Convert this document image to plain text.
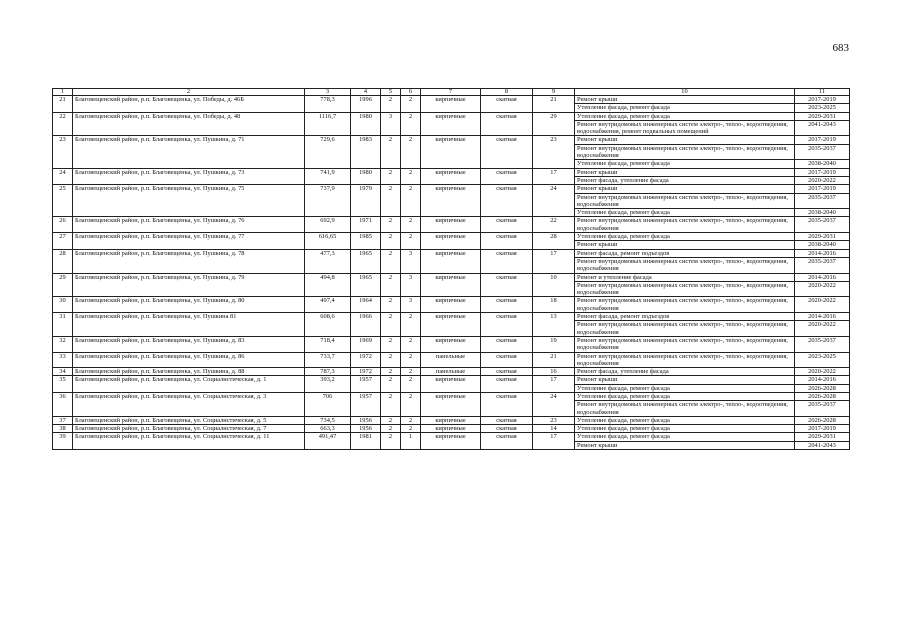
683
1	2	3	4	5	6	7	8	9	10	11
21	Благовещенский район, р.п. Благовещенка, ул. Победы, д. 46Б	778,3	1996	2	2	кирпичные	скатная	21	Ремонт крыши	2017-2019
									Утепление фасада, ремонт фасада	2023-2025
22	Благовещенский район, р.п. Благовещенка, ул. Победы, д. 48	1116,7	1980	3	2	кирпичные	скатная	29	Утепление фасада, ремонт фасада	2029-2031
									Ремонт внутридомовых инженерных систем электро-, тепло-, водоотведения, водоснабжения, ремонт подвальных помещений	2041-2043
23	Благовещенский район, р.п. Благовещенка, ул. Пушкина, д. 71	729,6	1983	2	2	кирпичные	скатная	23	Ремонт крыши	2017-2019
									Ремонт внутридомовых инженерных систем электро-, тепло-, водоотведения, водоснабжения	2035-2037
									Утепление фасада, ремонт фасада	2038-2040
24	Благовещенский район, р.п. Благовещенка, ул. Пушкина, д. 73	741,9	1980	2	2	кирпичные	скатная	17	Ремонт крыши	2017-2019
									Ремонт фасада, утепление фасада	2020-2022
25	Благовещенский район, р.п. Благовещенка, ул. Пушкина, д. 75	737,9	1979	2	2	кирпичные	скатная	24	Ремонт крыши	2017-2019
									Ремонт внутридомовых инженерных систем электро-, тепло-, водоотведения, водоснабжения	2035-2037
									Утепление фасада, ремонт фасада	2038-2040
26	Благовещенский район, р.п. Благовещенка, ул. Пушкина, д. 76	692,9	1971	2	2	кирпичные	скатная	22	Ремонт внутридомовых инженерных систем электро-, тепло-, водоотведения, водоснабжения	2035-2037
27	Благовещенский район, р.п. Благовещенка, ул. Пушкина, д. 77	616,65	1985	2	2	кирпичные	скатная	28	Утепление фасада, ремонт фасада	2029-2031
									Ремонт крыши	2038-2040
28	Благовещенский район, р.п. Благовещенка, ул. Пушкина, д. 78	477,3	1965	2	3	кирпичные	скатная	17	Ремонт фасада, ремонт подъездов	2014-2016
									Ремонт внутридомовых инженерных систем электро-, тепло-, водоотведения, водоснабжения	2035-2037
29	Благовещенский район, р.п. Благовещенка, ул. Пушкина, д. 79	494,8	1965	2	3	кирпичные	скатная	10	Ремонт и утепление фасада	2014-2016
									Ремонт внутридомовых инженерных систем электро-, тепло-, водоотведения, водоснабжения	2020-2022
30	Благовещенский район, р.п. Благовещенка, ул. Пушкина, д. 80	497,4	1964	2	3	кирпичные	скатная	18	Ремонт внутридомовых инженерных систем электро-, тепло-, водоотведения, водоснабжения	2020-2022
31	Благовещенский район, р.п. Благовещенка, ул. Пушкина 81	608,6	1966	2	2	кирпичные	скатная	13	Ремонт фасада, ремонт подъездов	2014-2016
									Ремонт внутридомовых инженерных систем электро-, тепло-, водоотведения, водоснабжения	2020-2022
32	Благовещенский район, р.п. Благовещенка, ул. Пушкина, д. 83	718,4	1969	2	2	кирпичные	скатная	19	Ремонт внутридомовых инженерных систем электро-, тепло-, водоотведения, водоснабжения	2035-2037
33	Благовещенский район, р.п. Благовещенка, ул. Пушкина, д. 86	733,7	1972	2	2	панельные	скатная	21	Ремонт внутридомовых инженерных систем электро-, тепло-, водоотведения, водоснабжения	2023-2025
34	Благовещенский район, р.п. Благовещенка, ул. Пушкина, д. 88	787,3	1972	2	2	панельные	скатная	16	Ремонт фасада, утепление фасада	2020-2022
35	Благовещенский район, р.п. Благовещенка, ул. Социалистическая, д. 1	393,2	1957	2	2	кирпичные	скатная	17	Ремонт крыши	2014-2016
									Утепление фасада, ремонт фасада	2026-2028
36	Благовещенский район, р.п. Благовещенка, ул. Социалистическая, д. 3	706	1957	2	2	кирпичные	скатная	24	Утепление фасада, ремонт фасада	2026-2028
									Ремонт внутридомовых инженерных систем электро-, тепло-, водоотведения, водоснабжения	2035-2037
37	Благовещенский район, р.п. Благовещенка, ул. Социалистическая, д. 5	734,5	1956	2	2	кирпичные	скатная	23	Утепление фасада, ремонт фасада	2026-2028
38	Благовещенский район, р.п. Благовещенка, ул. Социалистическая, д. 7	663,3	1956	2	2	кирпичные	скатная	14	Утепление фасада, ремонт фасада	2017-2019
39	Благовещенский район, р.п. Благовещенка, ул. Социалистическая, д. 11	491,47	1981	2	1	кирпичные	скатная	17	Утепление фасада, ремонт фасада	2029-2031
									Ремонт крыши	2041-2043
